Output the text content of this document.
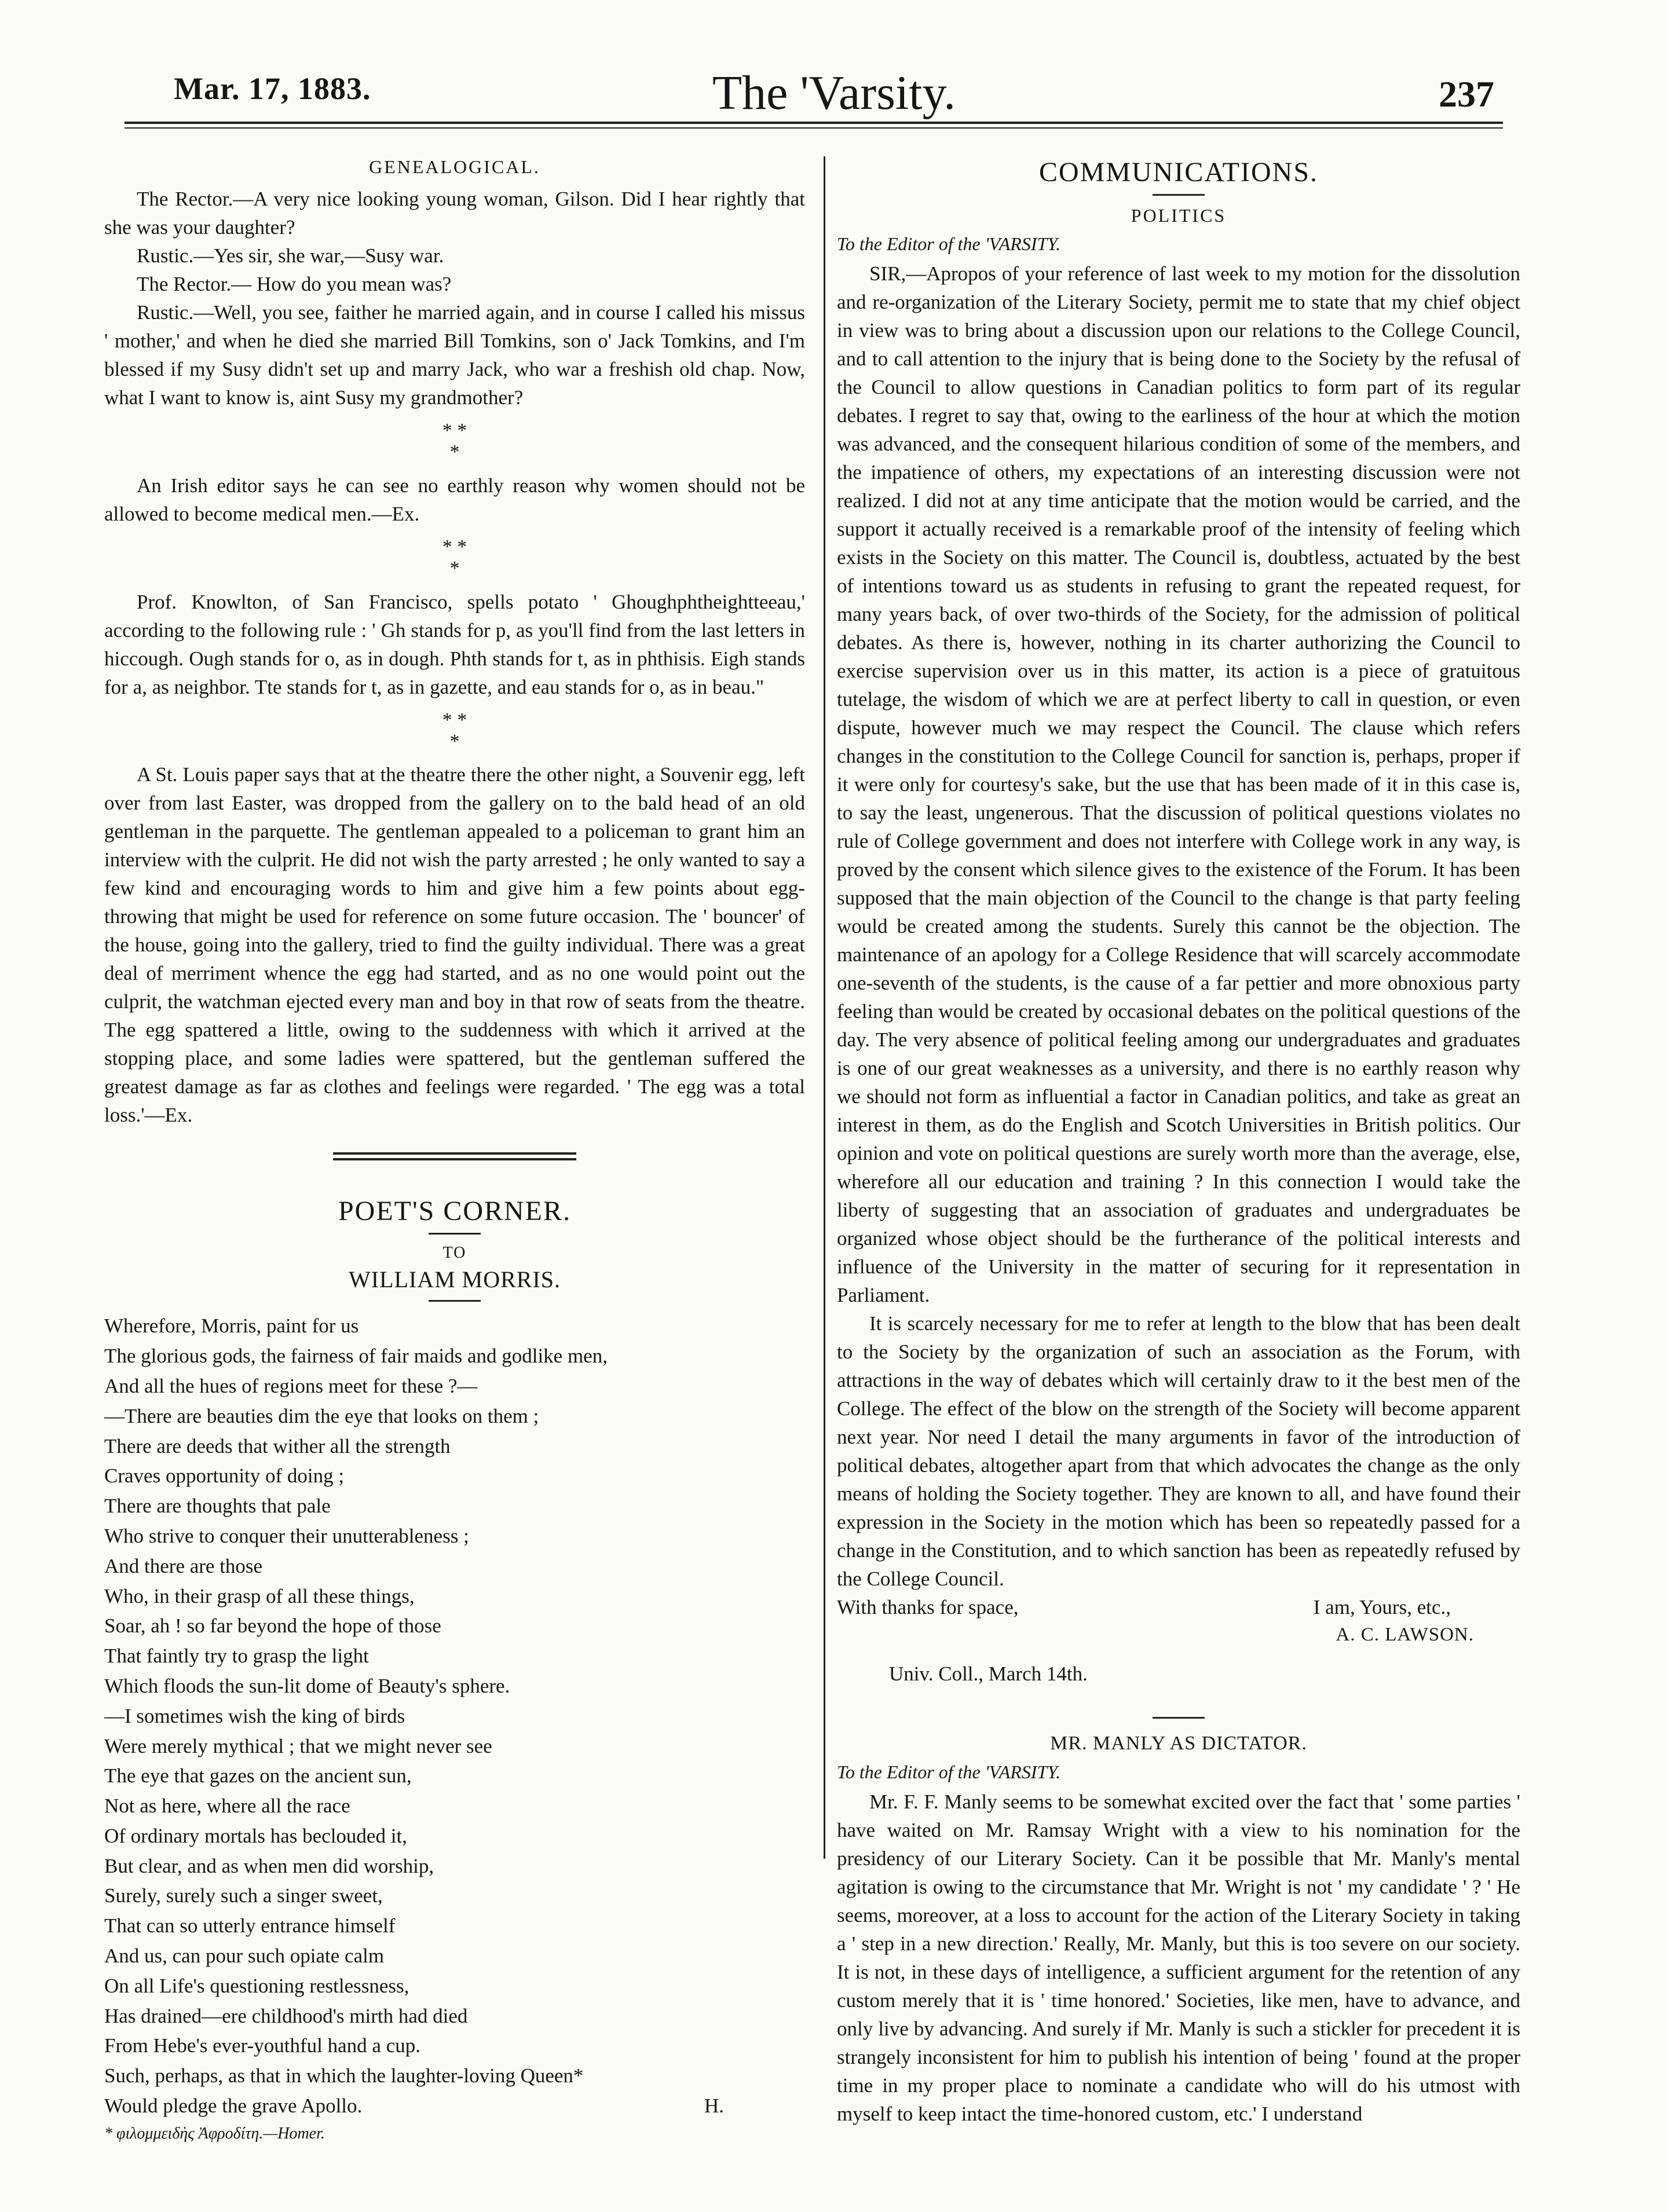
Mar. 17, 1883.	The 'Varsity.	237
GENEALOGICAL.

The Rector.—A very nice looking young woman, Gilson. Did I hear rightly that she was your daughter?

Rustic.—Yes sir, she war,—Susy war.

The Rector.— How do you mean was?

Rustic.—Well, you see, faither he married again, and in course I called his missus ' mother,' and when he died she married Bill Tomkins, son o' Jack Tomkins, and I'm blessed if my Susy didn't set up and marry Jack, who war a freshish old chap. Now, what I want to know is, aint Susy my grandmother?

* *
*

An Irish editor says he can see no earthly reason why women should not be allowed to become medical men.—Ex.

* *
*

Prof. Knowlton, of San Francisco, spells potato ' Ghoughphtheightteeau,' according to the following rule : ' Gh stands for p, as you'll find from the last letters in hiccough. Ough stands for o, as in dough. Phth stands for t, as in phthisis. Eigh stands for a, as neighbor. Tte stands for t, as in gazette, and eau stands for o, as in beau."

* *
*

A St. Louis paper says that at the theatre there the other night, a Souvenir egg, left over from last Easter, was dropped from the gallery on to the bald head of an old gentleman in the parquette. The gentleman appealed to a policeman to grant him an interview with the culprit. He did not wish the party arrested ; he only wanted to say a few kind and encouraging words to him and give him a few points about egg-throwing that might be used for reference on some future occasion. The ' bouncer' of the house, going into the gallery, tried to find the guilty individual. There was a great deal of merriment whence the egg had started, and as no one would point out the culprit, the watchman ejected every man and boy in that row of seats from the theatre. The egg spattered a little, owing to the suddenness with which it arrived at the stopping place, and some ladies were spattered, but the gentleman suffered the greatest damage as far as clothes and feelings were regarded. ' The egg was a total loss.'—Ex.

POET'S CORNER.
TO
WILLIAM MORRIS.

Wherefore, Morris, paint for us

The glorious gods, the fairness of fair maids and godlike men,

And all the hues of regions meet for these ?—

—There are beauties dim the eye that looks on them ;

There are deeds that wither all the strength

Craves opportunity of doing ;

There are thoughts that pale

Who strive to conquer their unutterableness ;

And there are those

Who, in their grasp of all these things,

Soar, ah ! so far beyond the hope of those

That faintly try to grasp the light

Which floods the sun-lit dome of Beauty's sphere.

—I sometimes wish the king of birds

Were merely mythical ; that we might never see

The eye that gazes on the ancient sun,

Not as here, where all the race

Of ordinary mortals has beclouded it,

But clear, and as when men did worship,

Surely, surely such a singer sweet,

That can so utterly entrance himself

And us, can pour such opiate calm

On all Life's questioning restlessness,

Has drained—ere childhood's mirth had died

From Hebe's ever-youthful hand a cup.

Such, perhaps, as that in which the laughter-loving Queen*

Would pledge the grave Apollo.	H.
* φιλομμειδὴς Ἀφροδίτη.—Homer.
COMMUNICATIONS.
POLITICS
To the Editor of the 'VARSITY.

SIR,—Apropos of your reference of last week to my motion for the dissolution and re-organization of the Literary Society, permit me to state that my chief object in view was to bring about a discussion upon our relations to the College Council, and to call attention to the injury that is being done to the Society by the refusal of the Council to allow questions in Canadian politics to form part of its regular debates. I regret to say that, owing to the earliness of the hour at which the motion was advanced, and the consequent hilarious condition of some of the members, and the impatience of others, my expectations of an interesting discussion were not realized. I did not at any time anticipate that the motion would be carried, and the support it actually received is a remarkable proof of the intensity of feeling which exists in the Society on this matter. The Council is, doubtless, actuated by the best of intentions toward us as students in refusing to grant the repeated request, for many years back, of over two-thirds of the Society, for the admission of political debates. As there is, however, nothing in its charter authorizing the Council to exercise supervision over us in this matter, its action is a piece of gratuitous tutelage, the wisdom of which we are at perfect liberty to call in question, or even dispute, however much we may respect the Council. The clause which refers changes in the constitution to the College Council for sanction is, perhaps, proper if it were only for courtesy's sake, but the use that has been made of it in this case is, to say the least, ungenerous. That the discussion of political questions violates no rule of College government and does not interfere with College work in any way, is proved by the consent which silence gives to the existence of the Forum. It has been supposed that the main objection of the Council to the change is that party feeling would be created among the students. Surely this cannot be the objection. The maintenance of an apology for a College Residence that will scarcely accommodate one-seventh of the students, is the cause of a far pettier and more obnoxious party feeling than would be created by occasional debates on the political questions of the day. The very absence of political feeling among our undergraduates and graduates is one of our great weaknesses as a university, and there is no earthly reason why we should not form as influential a factor in Canadian politics, and take as great an interest in them, as do the English and Scotch Universities in British politics. Our opinion and vote on political questions are surely worth more than the average, else, wherefore all our education and training ? In this connection I would take the liberty of suggesting that an association of graduates and undergraduates be organized whose object should be the furtherance of the political interests and influence of the University in the matter of securing for it representation in Parliament.

It is scarcely necessary for me to refer at length to the blow that has been dealt to the Society by the organization of such an association as the Forum, with attractions in the way of debates which will certainly draw to it the best men of the College. The effect of the blow on the strength of the Society will become apparent next year. Nor need I detail the many arguments in favor of the introduction of political debates, altogether apart from that which advocates the change as the only means of holding the Society together. They are known to all, and have found their expression in the Society in the motion which has been so repeatedly passed for a change in the Constitution, and to which sanction has been as repeatedly refused by the College Council.

With thanks for space,	I am, Yours, etc.,
A. C. LAWSON.
Univ. Coll., March 14th.
MR. MANLY AS DICTATOR.
To the Editor of the 'VARSITY.

Mr. F. F. Manly seems to be somewhat excited over the fact that ' some parties ' have waited on Mr. Ramsay Wright with a view to his nomination for the presidency of our Literary Society. Can it be possible that Mr. Manly's mental agitation is owing to the circumstance that Mr. Wright is not ' my candidate ' ? ' He seems, moreover, at a loss to account for the action of the Literary Society in taking a ' step in a new direction.' Really, Mr. Manly, but this is too severe on our society. It is not, in these days of intelligence, a sufficient argument for the retention of any custom merely that it is ' time honored.' Societies, like men, have to advance, and only live by advancing. And surely if Mr. Manly is such a stickler for precedent it is strangely inconsistent for him to publish his intention of being ' found at the proper time in my proper place to nominate a candidate who will do his utmost with myself to keep intact the time-honored custom, etc.' I understand
